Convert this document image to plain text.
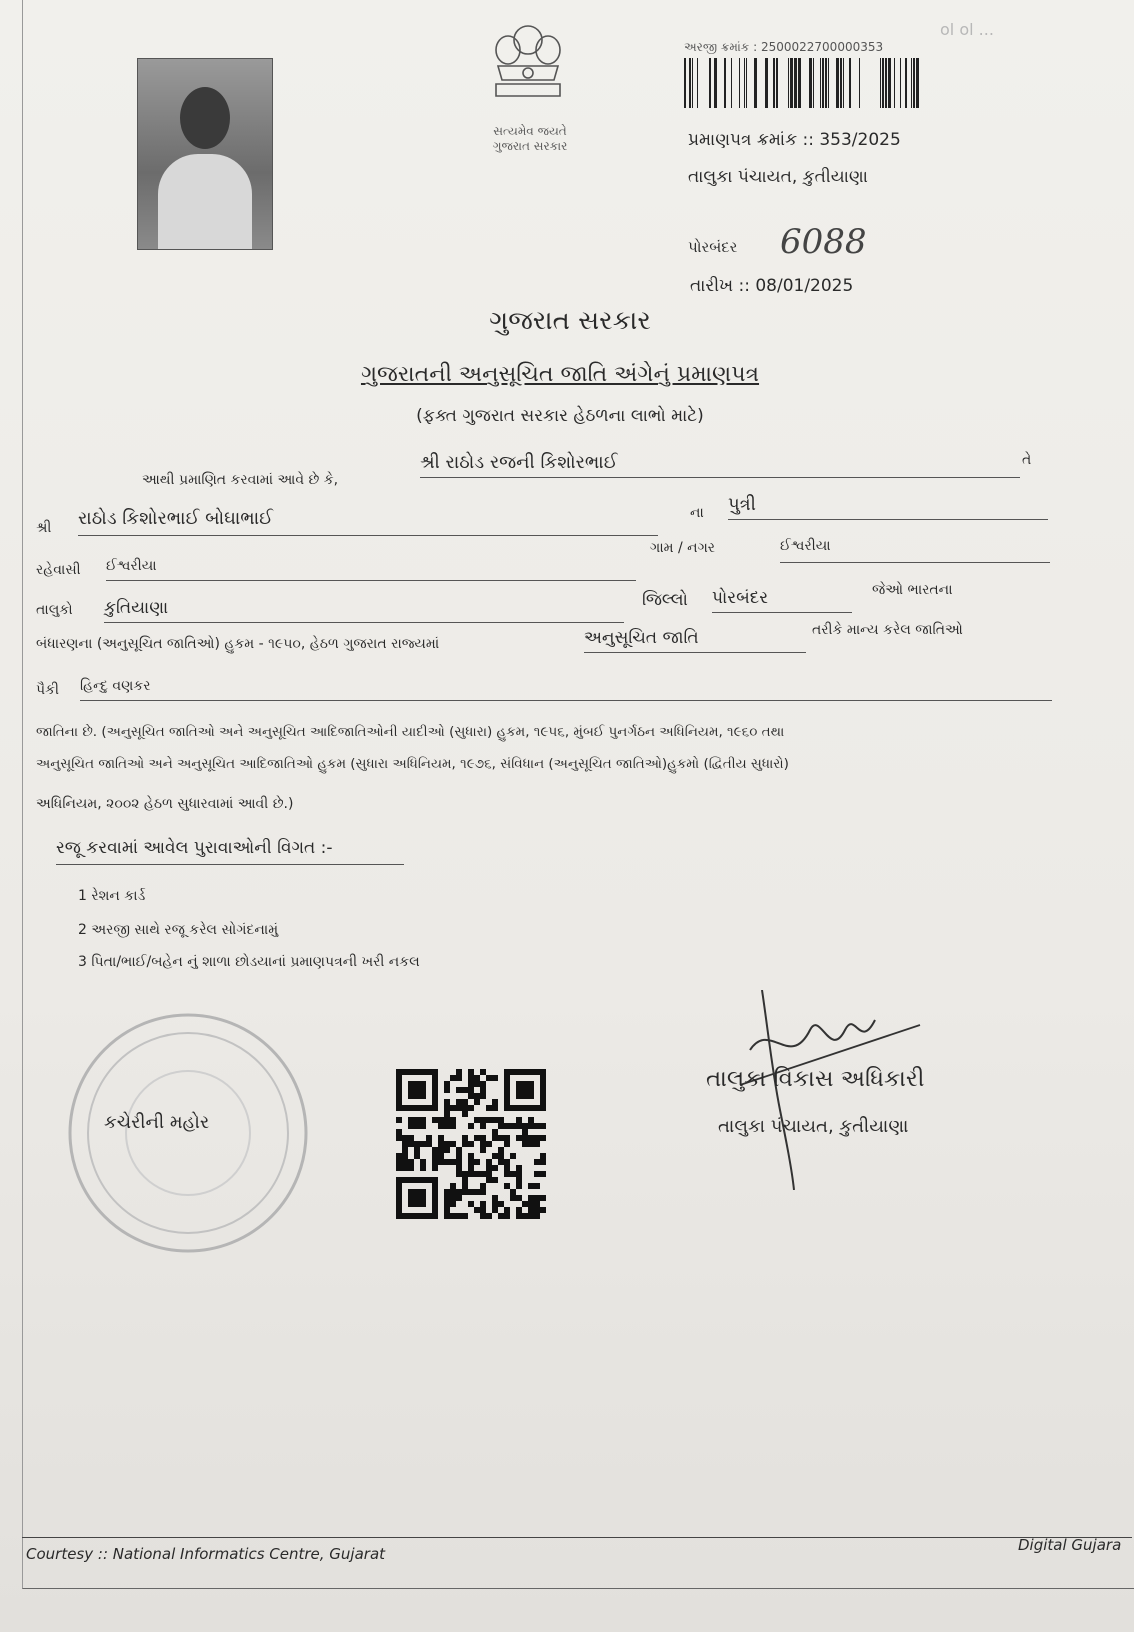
સત્યમેવ જયતે
ગુજરાત સરકાર
અરજી ક્રમાંક : 2500022700000353
ol ol ...
પ્રમાણપત્ર ક્રમાંક :: 353/2025
તાલુકા પંચાયત, કુતીયાણા
પોરબંદર 6088
તારીખ :: 08/01/2025
ગુજરાત સરકાર
ગુજરાતની અનુસૂચિત જાતિ અંગેનું પ્રમાણપત્ર
(ફક્ત ગુજરાત સરકાર હેઠળના લાભો માટે)
આથી પ્રમાણિત કરવામાં આવે છે કે,
શ્રી રાઠોડ રજની કિશોરભાઈ	તે
શ્રી રાઠોડ કિશોરભાઈ બોઘાભાઈ	ના પુત્રી
ગામ / નગર	ઈશ્વરીયા
રહેવાસી ઈશ્વરીયા
તાલુકો કુતિયાણા	જિલ્લો પોરબંદર	જેઓ ભારતના
બંધારણના (અનુસૂચિત જાતિઓ) હુકમ - ૧૯૫૦, હેઠળ ગુજરાત રાજ્યમાં	અનુસૂચિત જાતિ	તરીકે માન્ય કરેલ જાતિઓ
પૈકી હિન્દુ વણકર
જાતિના છે. (અનુસૂચિત જાતિઓ અને અનુસૂચિત આદિજાતિઓની યાદીઓ (સુધારા) હુકમ, ૧૯૫૬, મુંબઈ પુનર્ગઠન અધિનિયમ, ૧૯૬૦ તથા
અનુસૂચિત જાતિઓ અને અનુસૂચિત આદિજાતિઓ હુકમ (સુધારા અધિનિયમ, ૧૯૭૬, સંવિધાન (અનુસૂચિત જાતિઓ)હુકમો (દ્વિતીય સુધારો)
અધિનિયમ, ૨૦૦૨ હેઠળ સુધારવામાં આવી છે.)
રજૂ કરવામાં આવેલ પુરાવાઓની વિગત :-
1 રેશન કાર્ડ
2 અરજી સાથે રજૂ કરેલ સોગંદનામું
3 પિતા/ભાઈ/બહેન નું શાળા છોડયાનાં પ્રમાણપત્રની ખરી નકલ
કચેરીની મહોર
તાલુકા વિકાસ અધિકારી
તાલુકા પંચાયત, કુતીયાણા
Courtesy :: National Informatics Centre, Gujarat	Digital Gujara
